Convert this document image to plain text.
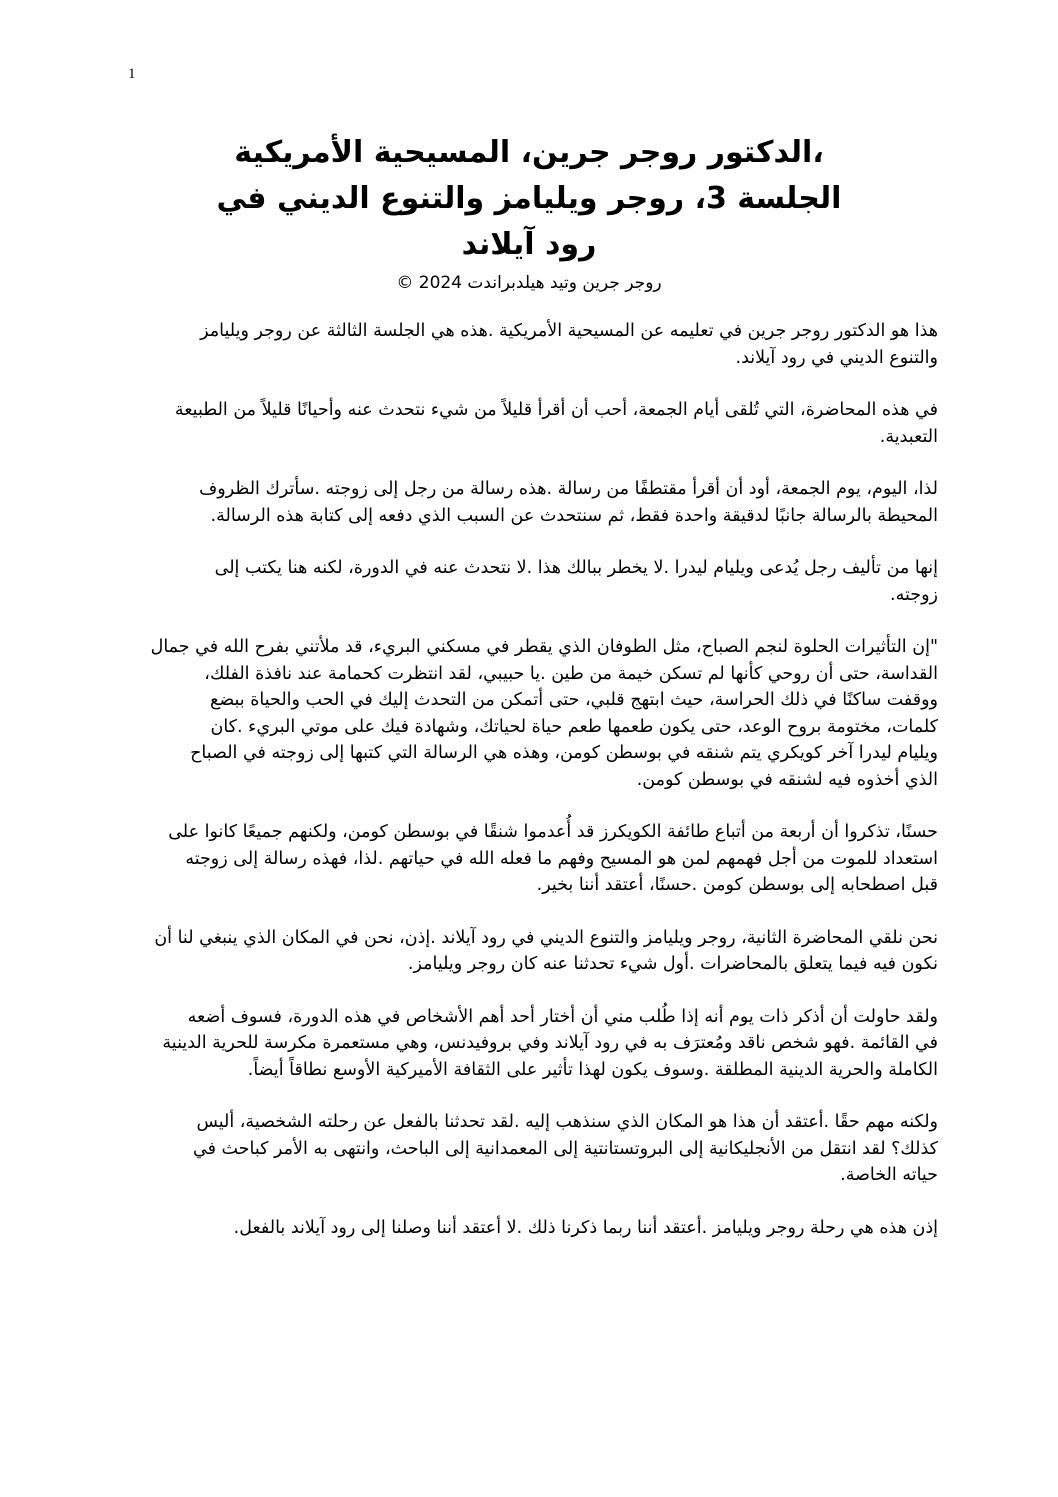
1
،الدكتور روجر جرين، المسيحية الأمريكية
الجلسة 3، روجر ويليامز والتنوع الديني في
رود آيلاند
روجر جرين وتيد هيلدبراندت 2024 ©
هذا هو الدكتور روجر جرين في تعليمه عن المسيحية الأمريكية .هذه هي الجلسة الثالثة عن روجر ويليامز
.والتنوع الديني في رود آيلاند
في هذه المحاضرة، التي تُلقى أيام الجمعة، أحب أن أقرأ قليلاً من شيء نتحدث عنه وأحيانًا قليلاً من الطبيعة
.التعبدية
لذا، اليوم، يوم الجمعة، أود أن أقرأ مقتطفًا من رسالة .هذه رسالة من رجل إلى زوجته .سأترك الظروف
.المحيطة بالرسالة جانبًا لدقيقة واحدة فقط، ثم سنتحدث عن السبب الذي دفعه إلى كتابة هذه الرسالة
إنها من تأليف رجل يُدعى ويليام ليدرا .لا يخطر ببالك هذا .لا نتحدث عنه في الدورة، لكنه هنا يكتب إلى
.زوجته
إن التأثيرات الحلوة لنجم الصباح، مثل الطوفان الذي يقطر في مسكني البريء، قد ملأتني بفرح الله في جمال"
،القداسة، حتى أن روحي كأنها لم تسكن خيمة من طين .يا حبيبي، لقد انتظرت كحمامة عند نافذة الفلك
ووقفت ساكنًا في ذلك الحراسة، حيث ابتهج قلبي، حتى أتمكن من التحدث إليك في الحب والحياة ببضع
كلمات، مختومة بروح الوعد، حتى يكون طعمها طعم حياة لحياتك، وشهادة فيك على موتي البريء .كان
ويليام ليدرا آخر كويكري يتم شنقه في بوسطن كومن، وهذه هي الرسالة التي كتبها إلى زوجته في الصباح
.الذي أخذوه فيه لشنقه في بوسطن كومن
حسنًا، تذكروا أن أربعة من أتباع طائفة الكويكرز قد أُعدموا شنقًا في بوسطن كومن، ولكنهم جميعًا كانوا على
استعداد للموت من أجل فهمهم لمن هو المسيح وفهم ما فعله الله في حياتهم .لذا، فهذه رسالة إلى زوجته
.قبل اصطحابه إلى بوسطن كومن .حسنًا، أعتقد أننا بخير
نحن نلقي المحاضرة الثانية، روجر ويليامز والتنوع الديني في رود آيلاند .إذن، نحن في المكان الذي ينبغي لنا أن
.نكون فيه فيما يتعلق بالمحاضرات .أول شيء تحدثنا عنه كان روجر ويليامز
ولقد حاولت أن أذكر ذات يوم أنه إذا طُلب مني أن أختار أحد أهم الأشخاص في هذه الدورة، فسوف أضعه
في القائمة .فهو شخص ناقد ومُعترَف به في رود آيلاند وفي بروفيدنس، وهي مستعمرة مكرسة للحرية الدينية
.الكاملة والحرية الدينية المطلقة .وسوف يكون لهذا تأثير على الثقافة الأميركية الأوسع نطاقاً أيضاً
ولكنه مهم حقًا .أعتقد أن هذا هو المكان الذي سنذهب إليه .لقد تحدثنا بالفعل عن رحلته الشخصية، أليس
كذلك؟ لقد انتقل من الأنجليكانية إلى البروتستانتية إلى المعمدانية إلى الباحث، وانتهى به الأمر كباحث في
.حياته الخاصة
.إذن هذه هي رحلة روجر ويليامز .أعتقد أننا ربما ذكرنا ذلك .لا أعتقد أننا وصلنا إلى رود آيلاند بالفعل
